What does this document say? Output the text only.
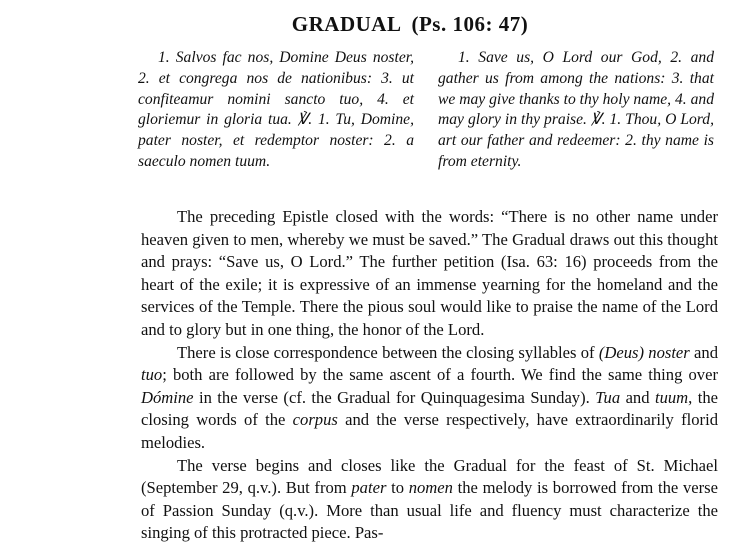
GRADUAL (Ps. 106: 47)

1. Salvos fac nos, Domine Deus noster, 2. et congrega nos de nationibus: 3. ut confiteamur nomini sancto tuo, 4. et gloriemur in gloria tua. ℣. 1. Tu, Domine, pater noster, et redemptor noster: 2. a saeculo nomen tuum.

1. Save us, O Lord our God, 2. and gather us from among the nations: 3. that we may give thanks to thy holy name, 4. and may glory in thy praise. ℣. 1. Thou, O Lord, art our father and redeemer: 2. thy name is from eternity.

The preceding Epistle closed with the words: “There is no other name under heaven given to men, whereby we must be saved.” The Gradual draws out this thought and prays: “Save us, O Lord.” The further petition (Isa. 63: 16) proceeds from the heart of the exile; it is expressive of an immense yearning for the homeland and the services of the Temple. There the pious soul would like to praise the name of the Lord and to glory but in one thing, the honor of the Lord.

There is close correspondence between the closing syllables of (Deus) noster and tuo; both are followed by the same ascent of a fourth. We find the same thing over Dómine in the verse (cf. the Gradual for Quinquagesima Sunday). Tua and tuum, the closing words of the corpus and the verse respectively, have extraordinarily florid melodies.

The verse begins and closes like the Gradual for the feast of St. Michael (September 29, q.v.). But from pater to nomen the melody is borrowed from the verse of Passion Sunday (q.v.). More than usual life and fluency must characterize the singing of this protracted piece. Pas-
